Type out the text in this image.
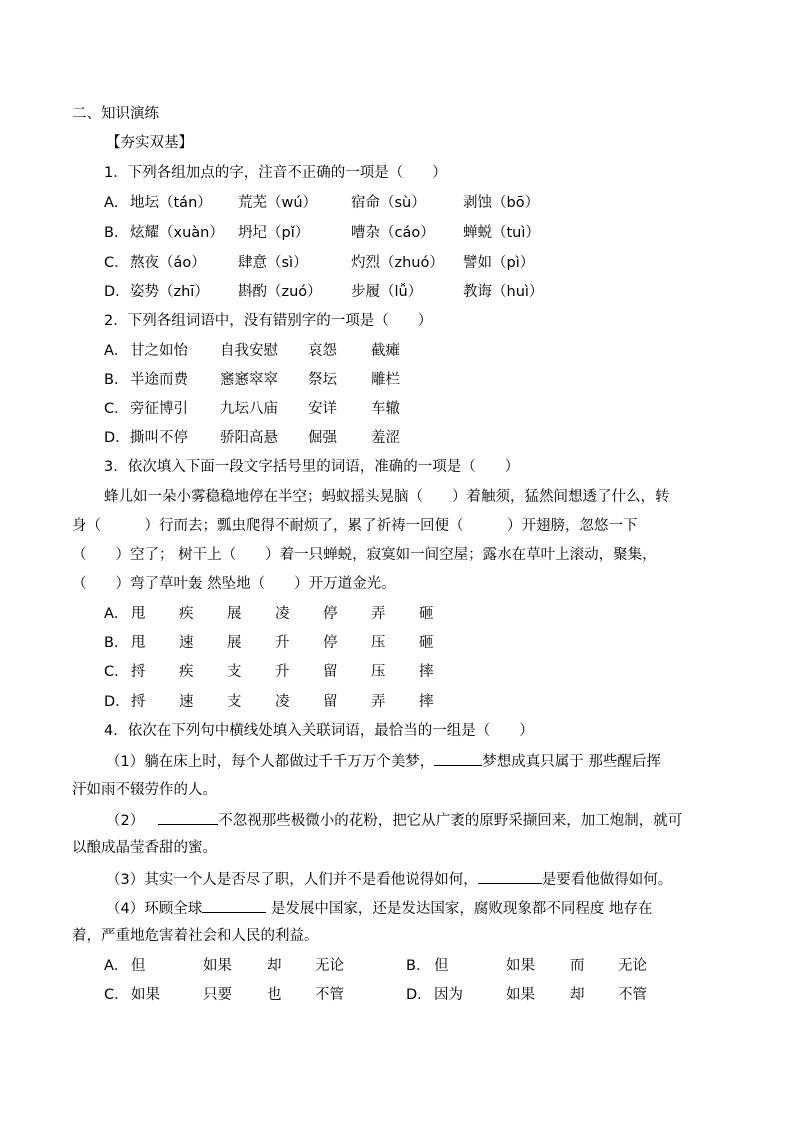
二、知识演练
【夯实双基】
1．下列各组加点的字，注音不正确的一项是（　　）
A． 地坛（tán） 荒芜（wú） 宿命（sù）	剥蚀（bō）
B． 炫耀（xuàn） 坍圮（pǐ）	嘈杂（cáo） 蝉蜕（tuì）
C． 熬夜（áo） 肆意（sì）	灼烈（zhuó） 譬如（pì）
D． 姿势（zhī） 斟酌（zuó） 步履（lǚ）	教诲（huì）
2．下列各组词语中，没有错别字的一项是（　　）
A． 甘之如怡 自我安慰 哀怨 截瘫
B． 半途而费 窸窸窣窣 祭坛 雕栏
C． 旁征博引 九坛八庙 安详 车辙
D． 撕叫不停 骄阳高悬 倔强 羞涩
3．依次填入下面一段文字括号里的词语，准确的一项是（　　）
蜂儿如一朵小雾稳稳地停在半空；蚂蚁摇头晃脑（　　）着触须，猛然间想透了什么，转
身（　　　）行而去；瓢虫爬得不耐烦了，累了祈祷一回便（　　　）开翅膀，忽悠一下
（　　）空了； 树干上（　　）着一只蝉蜕，寂寞如一间空屋；露水在草叶上滚动，聚集，
（　　）弯了草叶轰 然坠地（　　）开万道金光。
A． 甩 疾 展 凌 停 弄 砸
B． 甩 速 展 升 停 压 砸
C． 捋 疾 支 升 留 压 摔
D． 捋 速 支 凌 留 弄 摔
4．依次在下列句中横线处填入关联词语，最恰当的一组是（　　）
（1）躺在床上时，每个人都做过千千万万个美梦，	梦想成真只属于 那些醒后挥
汗如雨不辍劳作的人。
（2）	不忽视那些极微小的花粉，把它从广袤的原野采撷回来，加工炮制，就可
以酿成晶莹香甜的蜜。
（3）其实一个人是否尽了职，人们并不是看他说得如何，	是要看他做得如何。
（4）环顾全球	是发展中国家，还是发达国家，腐败现象都不同程度 地存在
着，严重地危害着社会和人民的利益。
A． 但	如果 却 无论	B． 但	如果 而 无论
C． 如果	只要 也 不管	D． 因为	如果 却 不管
